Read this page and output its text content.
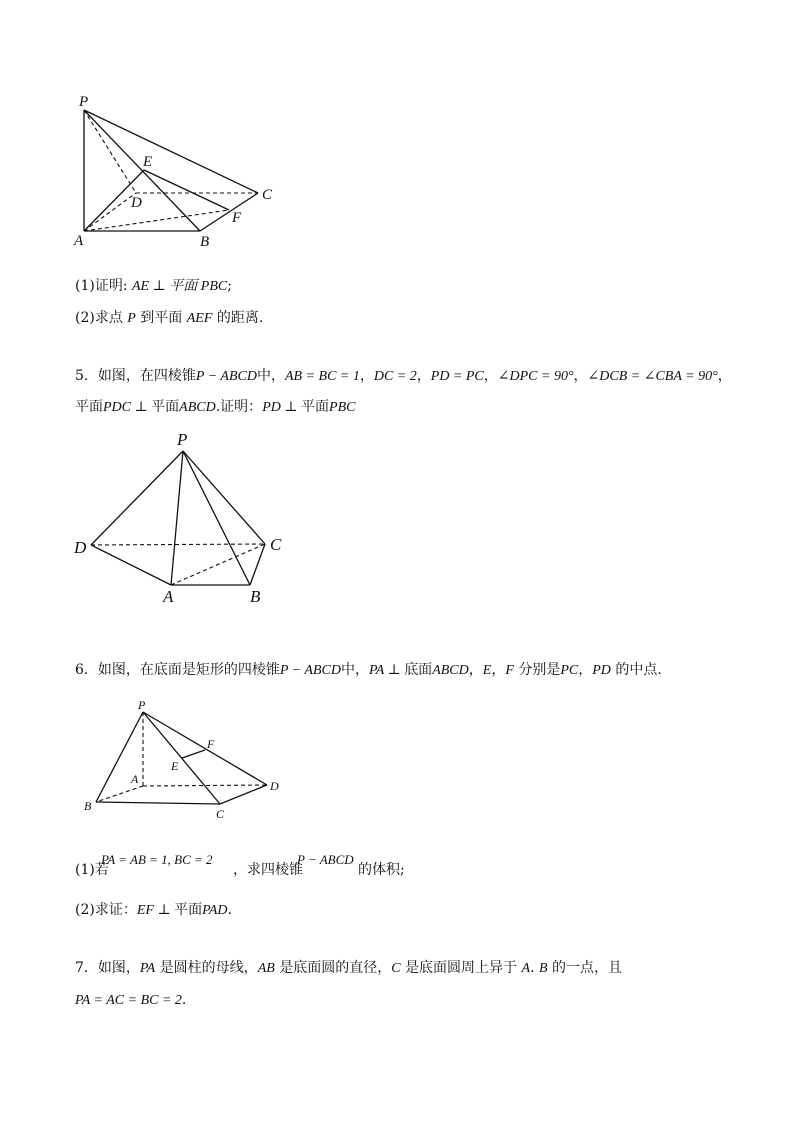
P
E
D	C
F
A	B
(1)证明: AE ⊥ 平面 PBC;
(2)求点 P 到平面 AEF 的距离.
5．如图，在四棱锥P − ABCD中，AB = BC = 1，DC = 2，PD = PC，∠DPC = 90°，∠DCB = ∠CBA = 90°，
平面PDC ⊥ 平面ABCD.证明：PD ⊥ 平面PBC
P
D	C
A	B
6．如图，在底面是矩形的四棱锥P − ABCD中，PA ⊥ 底面ABCD，E，F 分别是PC，PD 的中点.
P
F
E
A	D
B
C
(1)若
PA = AB = 1, BC = 2
，求四棱锥
P − ABCD
的体积;
(2)求证：EF ⊥ 平面PAD.
7．如图，PA 是圆柱的母线，AB 是底面圆的直径，C 是底面圆周上异于 A. B 的一点，且
PA = AC = BC = 2.
